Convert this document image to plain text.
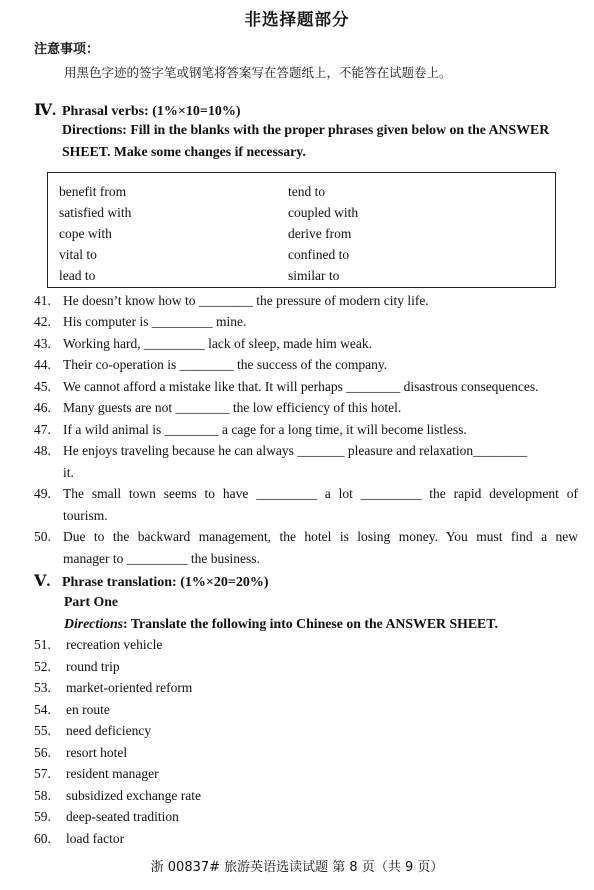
非选择题部分
注意事项：
用黑色字迹的签字笔或钢笔将答案写在答题纸上，不能答在试题卷上。
Ⅳ. Phrasal verbs: (1%×10=10%)
Directions: Fill in the blanks with the proper phrases given below on the ANSWER
SHEET. Make some changes if necessary.
benefit from
satisfied with
cope with
vital to
lead to
tend to
coupled with
derive from
confined to
similar to
41. He doesn’t know how to ________ the pressure of modern city life.
42. His computer is _________ mine.
43. Working hard, _________ lack of sleep, made him weak.
44. Their co-operation is ________ the success of the company.
45. We cannot afford a mistake like that. It will perhaps ________ disastrous consequences.
46. Many guests are not ________ the low efficiency of this hotel.
47. If a wild animal is ________ a cage for a long time, it will become listless.
48. He enjoys traveling because he can always _______ pleasure and relaxation________
it.
49. The small town seems to have _________ a lot _________ the rapid development of
tourism.
50. Due to the backward management, the hotel is losing money. You must find a new
manager to _________ the business.
Ⅴ. Phrase translation: (1%×20=20%)
Part One
Directions: Translate the following into Chinese on the ANSWER SHEET.
51. recreation vehicle
52. round trip
53. market-oriented reform
54. en route
55. need deficiency
56. resort hotel
57. resident manager
58. subsidized exchange rate
59. deep-seated tradition
60. load factor
浙 00837# 旅游英语选读试题 第 8 页（共 9 页）
